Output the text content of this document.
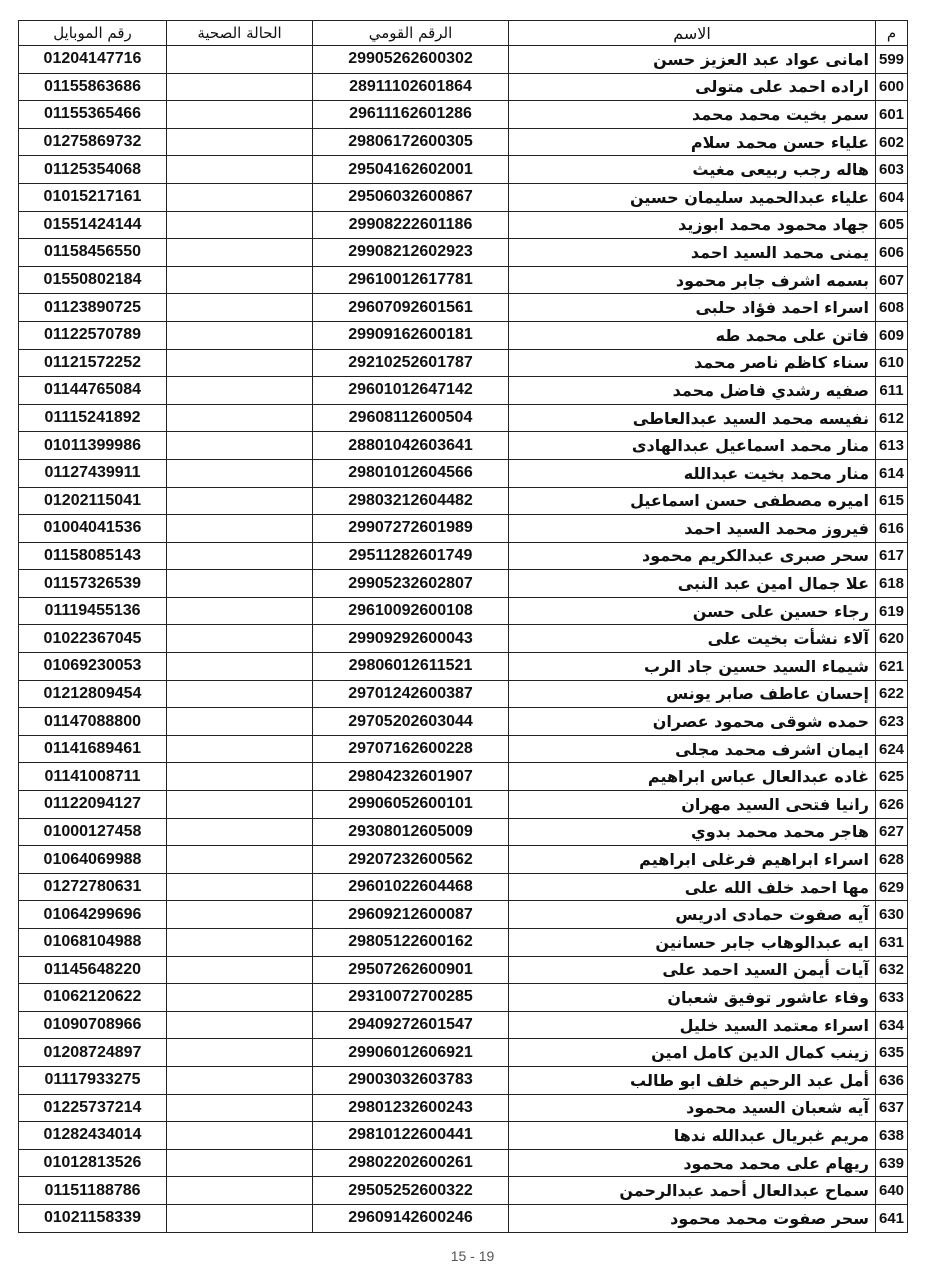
رقم الموبايل	الحالة الصحية	الرقم القومي	الاسم	م
01204147716		29905262600302	امانى عواد عبد العزيز حسن	599
01155863686		28911102601864	اراده احمد على متولى	600
01155365466		29611162601286	سمر بخيت محمد محمد	601
01275869732		29806172600305	علياء حسن محمد سلام	602
01125354068		29504162602001	هاله رجب ربيعى مغيث	603
01015217161		29506032600867	علياء عبدالحميد سليمان حسين	604
01551424144		29908222601186	جهاد محمود محمد ابوزيد	605
01158456550		29908212602923	يمنى محمد السيد احمد	606
01550802184		29610012617781	بسمه اشرف جابر محمود	607
01123890725		29607092601561	اسراء احمد فؤاد حلبى	608
01122570789		29909162600181	فاتن على محمد طه	609
01121572252		29210252601787	سناء كاظم ناصر محمد	610
01144765084		29601012647142	صفيه رشدي فاضل محمد	611
01115241892		29608112600504	نفيسه محمد السيد عبدالعاطى	612
01011399986		28801042603641	منار محمد اسماعيل عبدالهادى	613
01127439911		29801012604566	منار محمد بخيت عبدالله	614
01202115041		29803212604482	اميره مصطفى حسن اسماعيل	615
01004041536		29907272601989	فيروز محمد السيد احمد	616
01158085143		29511282601749	سحر صبرى عبدالكريم محمود	617
01157326539		29905232602807	علا جمال امين عبد النبى	618
01119455136		29610092600108	رجاء حسين على حسن	619
01022367045		29909292600043	آلاء نشأت بخيت على	620
01069230053		29806012611521	شيماء السيد حسين جاد الرب	621
01212809454		29701242600387	إحسان عاطف صابر يونس	622
01147088800		29705202603044	حمده شوقى محمود عصران	623
01141689461		29707162600228	ايمان اشرف محمد مجلى	624
01141008711		29804232601907	غاده عبدالعال عباس ابراهيم	625
01122094127		29906052600101	رانيا فتحى السيد مهران	626
01000127458		29308012605009	هاجر محمد محمد بدوي	627
01064069988		29207232600562	اسراء ابراهيم فرغلى ابراهيم	628
01272780631		29601022604468	مها احمد خلف الله على	629
01064299696		29609212600087	آيه صفوت حمادى ادريس	630
01068104988		29805122600162	ايه عبدالوهاب جابر حسانين	631
01145648220		29507262600901	آيات أيمن السيد احمد على	632
01062120622		29310072700285	وفاء عاشور توفيق شعبان	633
01090708966		29409272601547	اسراء معتمد السيد خليل	634
01208724897		29906012606921	زينب كمال الدين كامل امين	635
01117933275		29003032603783	أمل عبد الرحيم خلف ابو طالب	636
01225737214		29801232600243	آيه شعبان السيد محمود	637
01282434014		29810122600441	مريم غبريال عبدالله ندها	638
01012813526		29802202600261	ريهام على محمد محمود	639
01151188786		29505252600322	سماح عبدالعال أحمد عبدالرحمن	640
01021158339		29609142600246	سحر صفوت محمد محمود	641
15 - 19
